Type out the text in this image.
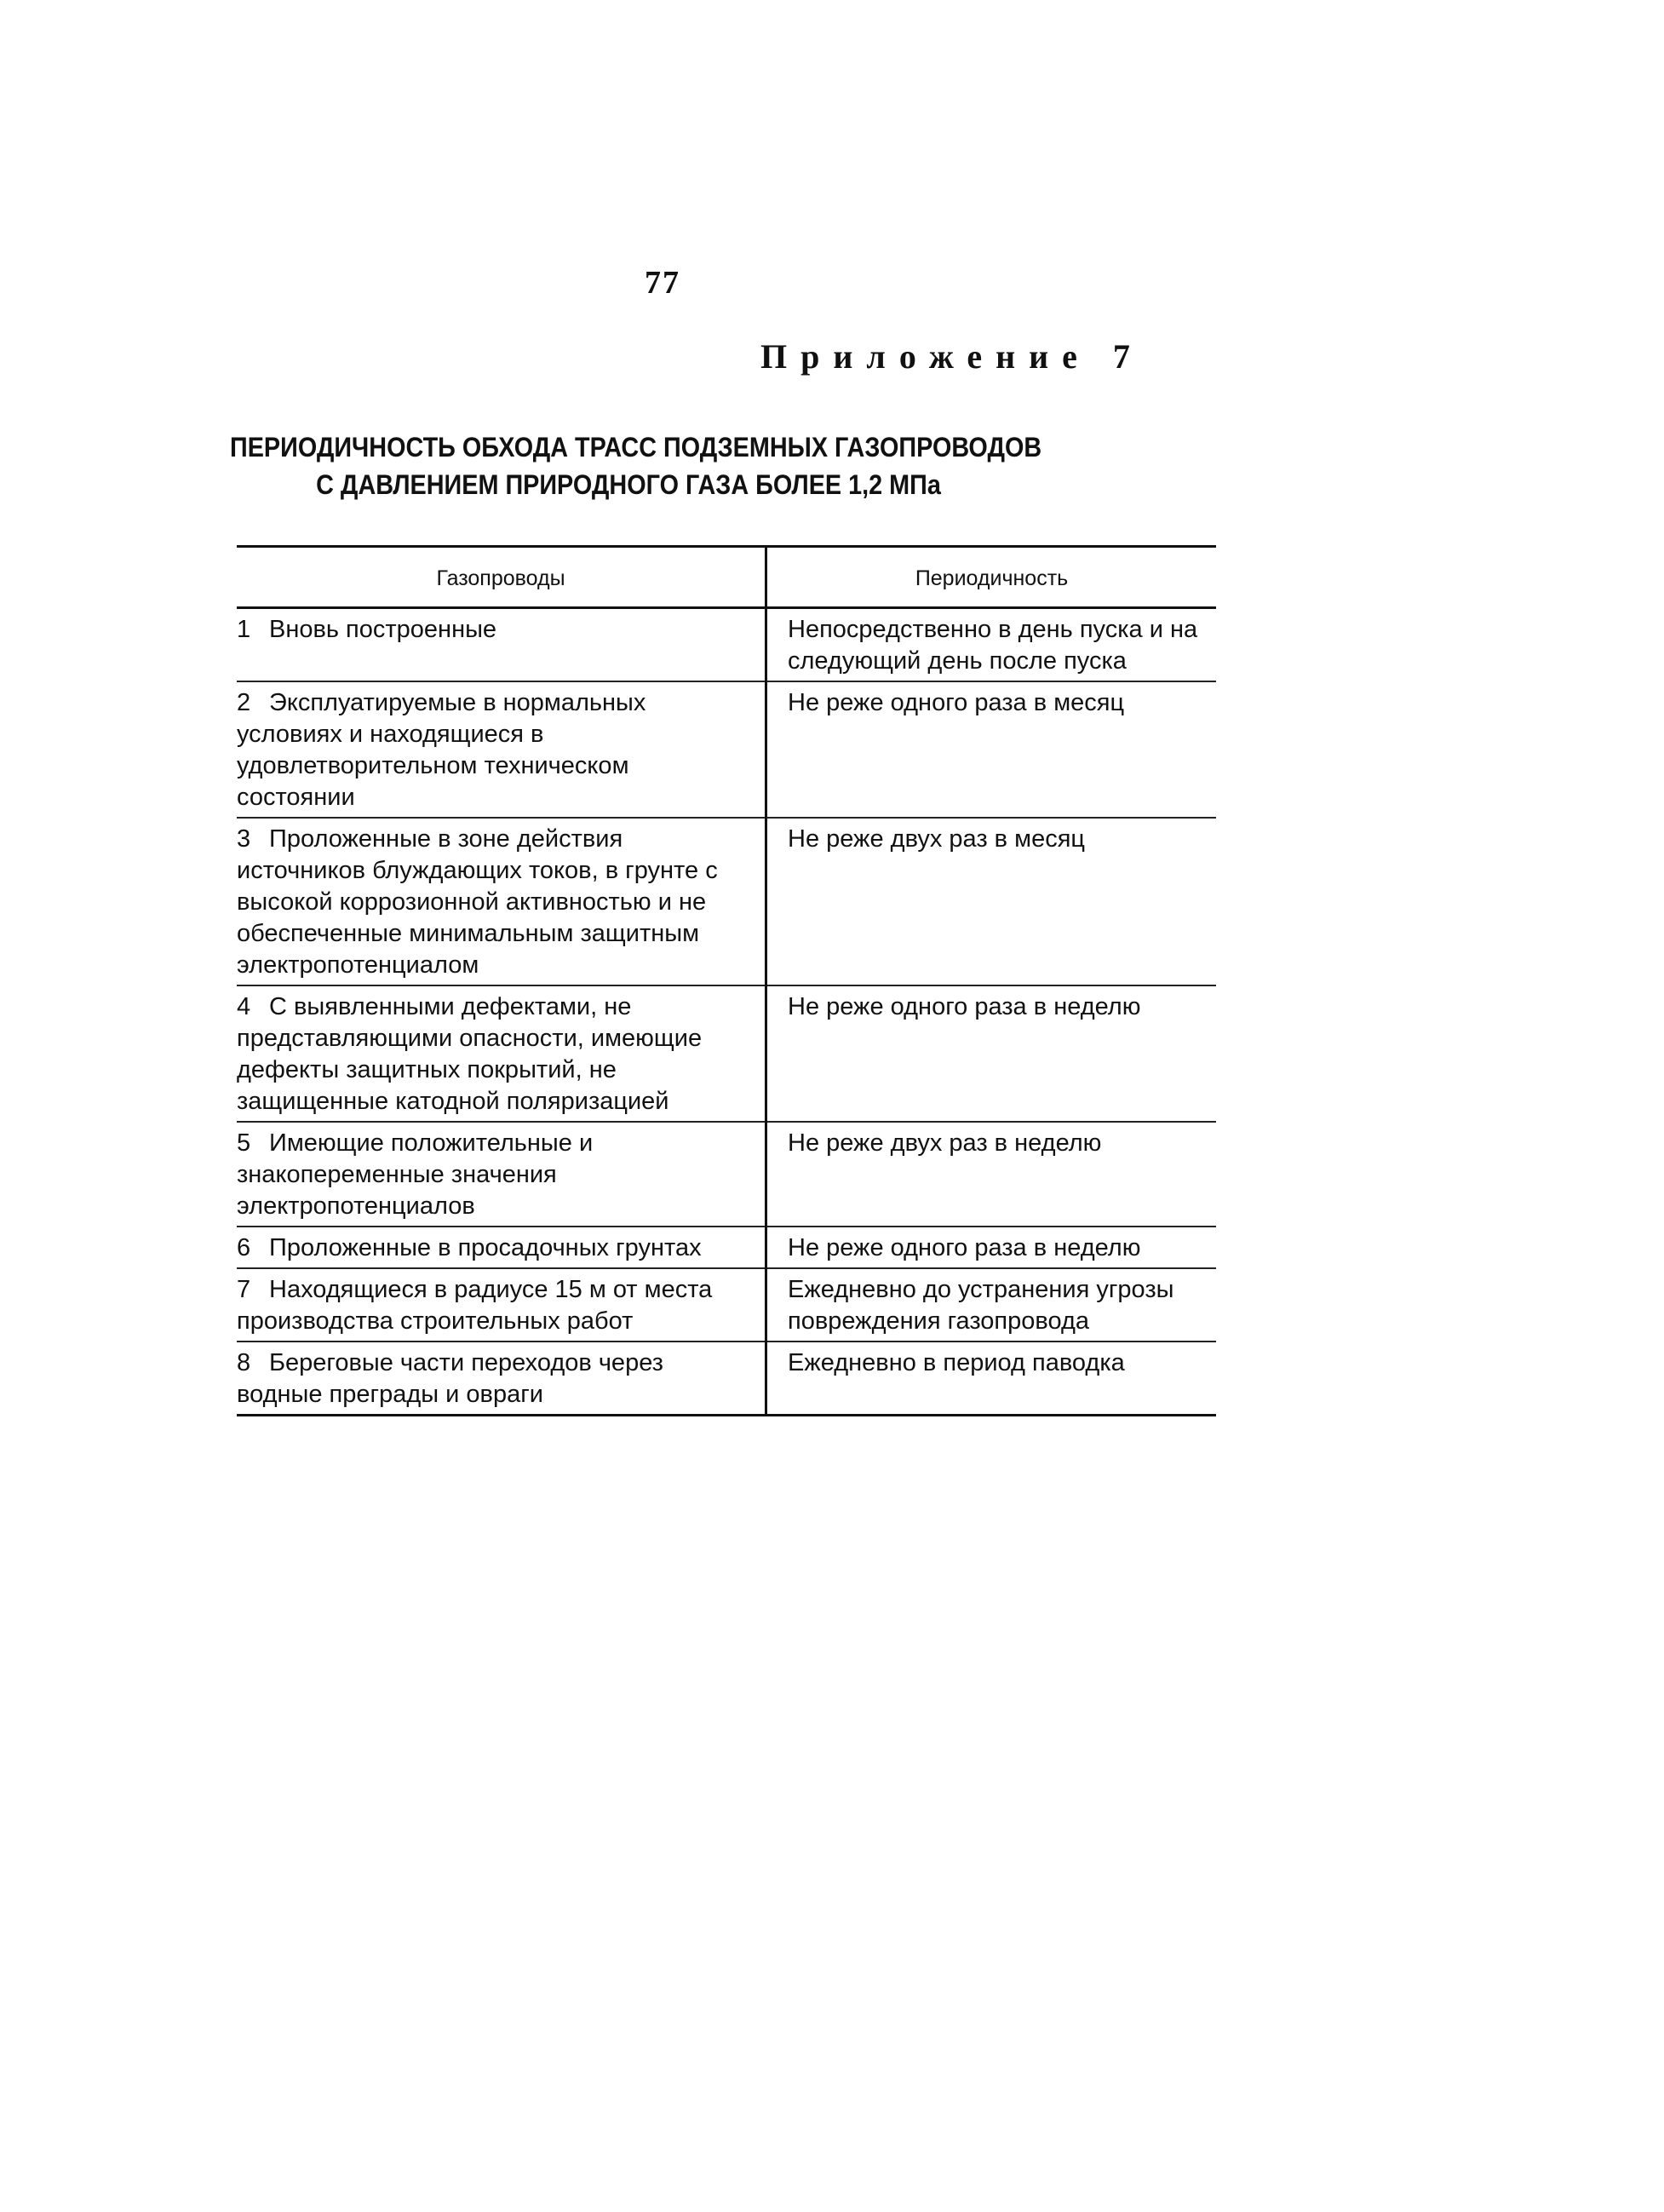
77
Приложение 7
ПЕРИОДИЧНОСТЬ ОБХОДА ТРАСС ПОДЗЕМНЫХ ГАЗОПРОВОДОВ
С ДАВЛЕНИЕМ ПРИРОДНОГО ГАЗА БОЛЕЕ 1,2 МПа
Газопроводы	Периодичность
1 Вновь построенные	Непосредственно в день пуска и на следующий день после пуска
2 Эксплуатируемые в нормальных условиях и находящиеся в удовлетворительном техническом состоянии	Не реже одного раза в месяц
3 Проложенные в зоне действия источников блуждающих токов, в грунте с высокой коррозионной активностью и не обеспеченные минимальным защитным электропотенциалом	Не реже двух раз в месяц
4 С выявленными дефектами, не представляющими опасности, имеющие дефекты защитных покрытий, не защищенные катодной поляризацией	Не реже одного раза в неделю
5 Имеющие положительные и знакопеременные значения электропотенциалов	Не реже двух раз в неделю
6 Проложенные в просадочных грунтах	Не реже одного раза в неделю
7 Находящиеся в радиусе 15 м от места производства строительных работ	Ежедневно до устранения угрозы повреждения газопровода
8 Береговые части переходов через водные преграды и овраги	Ежедневно в период паводка
